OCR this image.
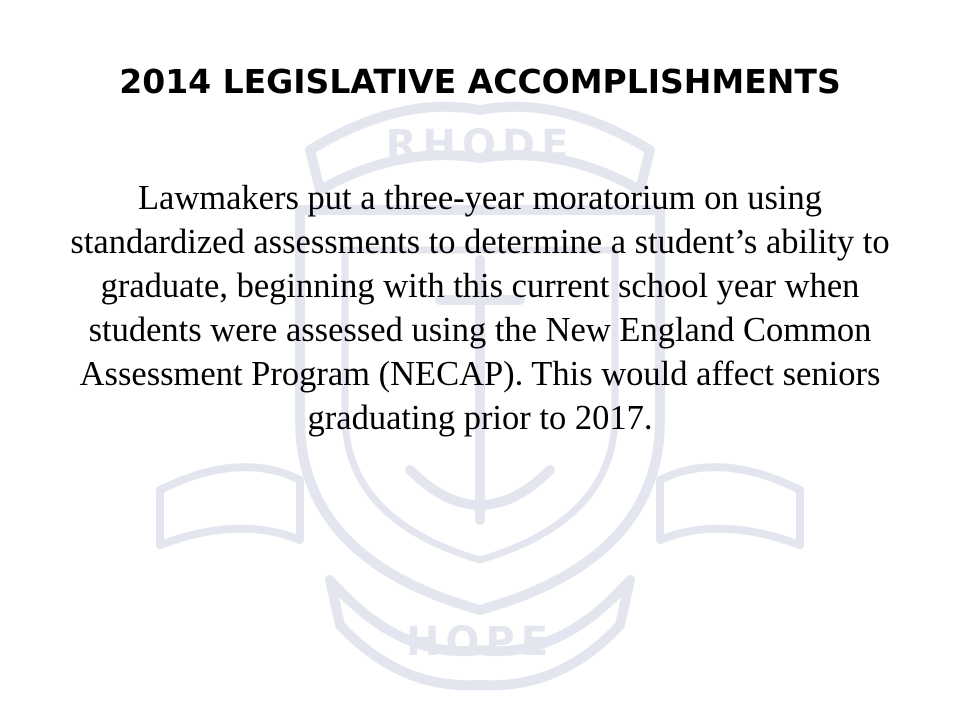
RHODE
HOPE
2014 LEGISLATIVE ACCOMPLISHMENTS

Lawmakers put a three-year moratorium on using standardized assessments to determine a student’s ability to graduate, beginning with this current school year when students were assessed using the New England Common Assessment Program (NECAP). This would affect seniors graduating prior to 2017.
